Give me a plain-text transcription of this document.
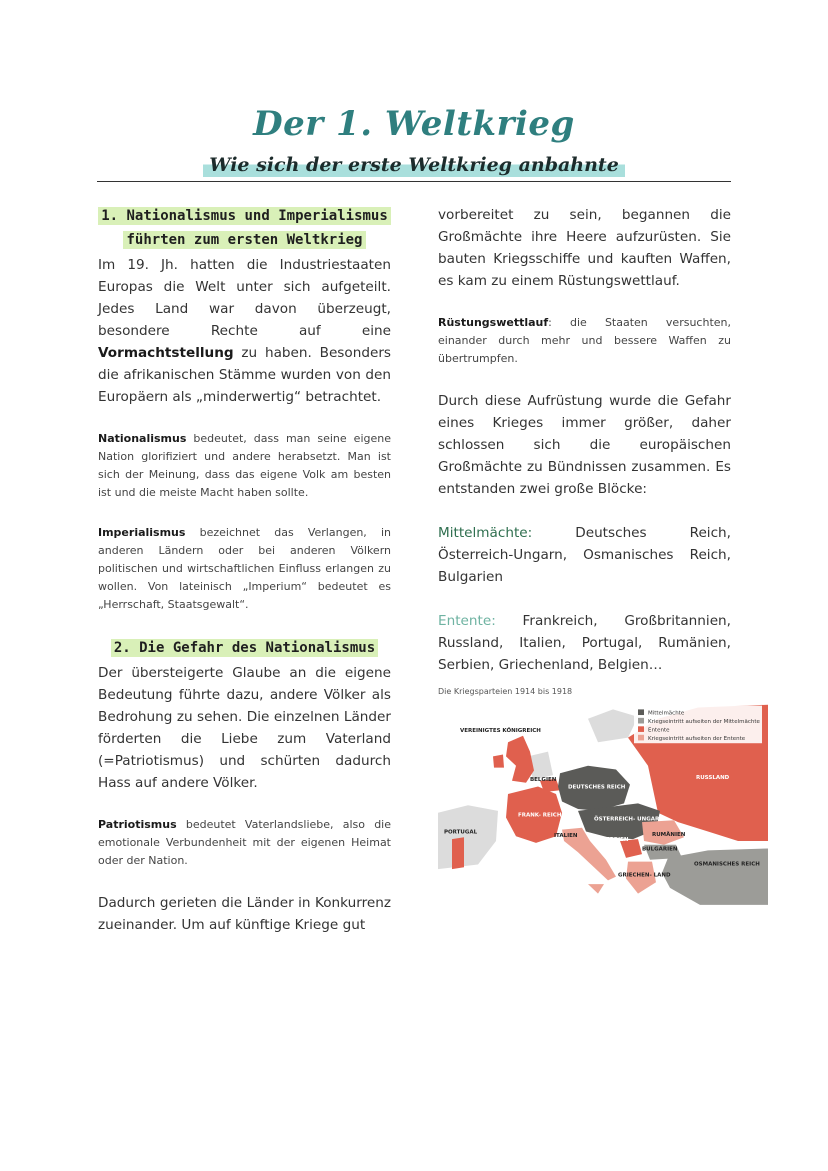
Der 1. Weltkrieg
Wie sich der erste Weltkrieg anbahnte
1. Nationalismus und Imperialismus führten zum ersten Weltkrieg

Im 19. Jh. hatten die Industriestaaten Europas die Welt unter sich aufgeteilt. Jedes Land war davon überzeugt, besondere Rechte auf eine Vormachtstellung zu haben. Besonders die afrikanischen Stämme wurden von den Europäern als „minderwertig“ betrachtet.

Nationalismus bedeutet, dass man seine eigene Nation glorifiziert und andere herabsetzt. Man ist sich der Meinung, dass das eigene Volk am besten ist und die meiste Macht haben sollte.

Imperialismus bezeichnet das Verlangen, in anderen Ländern oder bei anderen Völkern politischen und wirtschaftlichen Einfluss erlangen zu wollen. Von lateinisch „Imperium“ bedeutet es „Herrschaft, Staatsgewalt“.

2. Die Gefahr des Nationalismus

Der übersteigerte Glaube an die eigene Bedeutung führte dazu, andere Völker als Bedrohung zu sehen. Die einzelnen Länder förderten die Liebe zum Vaterland (=Patriotismus) und schürten dadurch Hass auf andere Völker.

Patriotismus bedeutet Vaterlandsliebe, also die emotionale Verbundenheit mit der eigenen Heimat oder der Nation.

Dadurch gerieten die Länder in Konkurrenz zueinander. Um auf künftige Kriege gut

vorbereitet zu sein, begannen die Großmächte ihre Heere aufzurüsten. Sie bauten Kriegsschiffe und kauften Waffen, es kam zu einem Rüstungswettlauf.

Rüstungswettlauf: die Staaten versuchten, einander durch mehr und bessere Waffen zu übertrumpfen.

Durch diese Aufrüstung wurde die Gefahr eines Krieges immer größer, daher schlossen sich die europäischen Großmächte zu Bündnissen zusammen. Es entstanden zwei große Blöcke:

Mittelmächte:	Deutsches Reich, Österreich-Ungarn, Osmanisches Reich, Bulgarien

Entente: Frankreich, Großbritannien, Russland, Italien, Portugal, Rumänien, Serbien, Griechenland, Belgien…

Die Kriegsparteien 1914 bis 1918
Mittelmächte
Kriegseintritt aufseiten der Mittelmächte
Entente
Kriegseintritt aufseiten der Entente
VEREINIGTES KÖNIGREICH
BELGIEN
DEUTSCHES REICH
RUSSLAND
FRANK- REICH
ÖSTERREICH- UNGARN
PORTUGAL
ITALIEN
SERBIEN
MONT.
RUMÄNIEN
BULGARIEN
GRIECHEN- LAND
OSMANISCHES REICH
